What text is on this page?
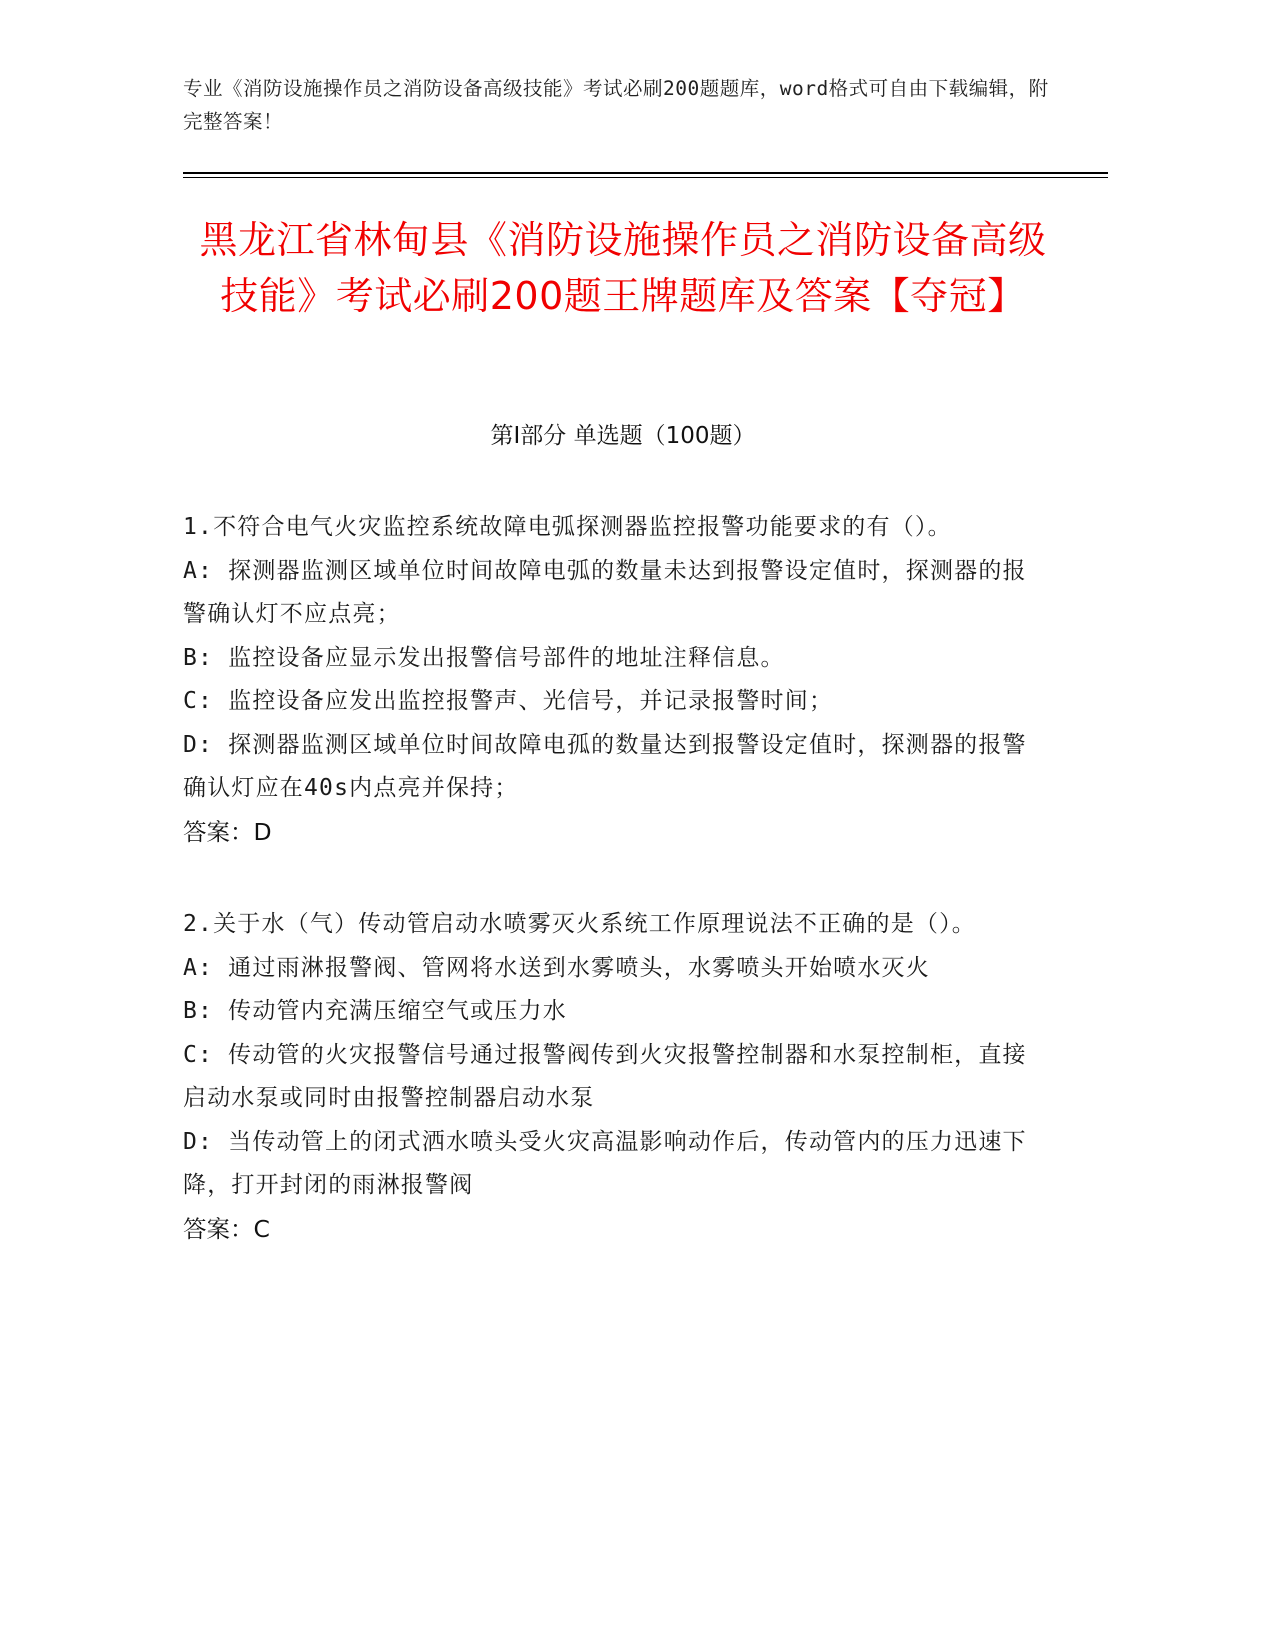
专业《消防设施操作员之消防设备高级技能》考试必刷200题题库，word格式可自由下载编辑，附完整答案！
黑龙江省林甸县《消防设施操作员之消防设备高级技能》考试必刷200题王牌题库及答案【夺冠】
第I部分 单选题（100题）

1.不符合电气火灾监控系统故障电弧探测器监控报警功能要求的有（）。

A: 探测器监测区域单位时间故障电弧的数量未达到报警设定值时，探测器的报警确认灯不应点亮；

B: 监控设备应显示发出报警信号部件的地址注释信息。

C: 监控设备应发出监控报警声、光信号，并记录报警时间；

D: 探测器监测区域单位时间故障电孤的数量达到报警设定值时，探测器的报警确认灯应在40s内点亮并保持；

答案：D

2.关于水（气）传动管启动水喷雾灭火系统工作原理说法不正确的是（）。

A: 通过雨淋报警阀、管网将水送到水雾喷头，水雾喷头开始喷水灭火

B: 传动管内充满压缩空气或压力水

C: 传动管的火灾报警信号通过报警阀传到火灾报警控制器和水泵控制柜，直接启动水泵或同时由报警控制器启动水泵

D: 当传动管上的闭式洒水喷头受火灾高温影响动作后，传动管内的压力迅速下降，打开封闭的雨淋报警阀

答案：C
